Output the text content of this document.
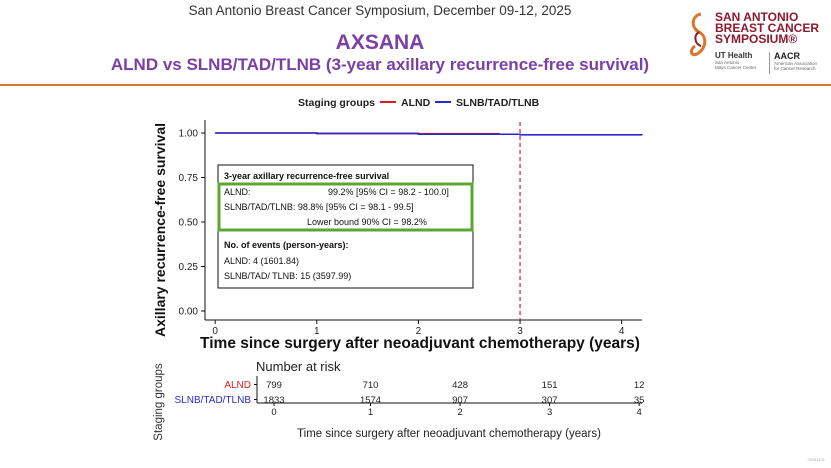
San Antonio Breast Cancer Symposium, December 09-12, 2025
AXSANA
ALND vs SLNB/TAD/TLNB (3-year axillary recurrence-free survival)
SAN ANTONIO
BREAST CANCER
SYMPOSIUM®
UT Health
San Antonio
Mays Cancer Center
AACR
American Association
for Cancer Research
Staging groups ALND SLNB/TAD/TLNB
Axillary recurrence-free survival
Time since surgery after neoadjuvant chemotherapy (years)
0.00
0.25
0.50
0.75
1.00
0	1	2	3	4
3-year axillary recurrence-free survival
ALND:	99.2% [95% CI = 98.2 - 100.0]
SLNB/TAD/TLNB: 98.8% [95% CI = 98.1 - 99.5]
Lower bound 90% CI = 98.2%
No. of events (person-years):
ALND: 4 (1601.84)
SLNB/TAD/ TLNB: 15 (3597.99)
Staging groups	Number at risk
ALND 799	710	428	151	12
SLNB/TAD/TLNB 1833	1574	907	307	35
0	1	2	3	4
Time since surgery after neoadjuvant chemotherapy (years)
20241211
